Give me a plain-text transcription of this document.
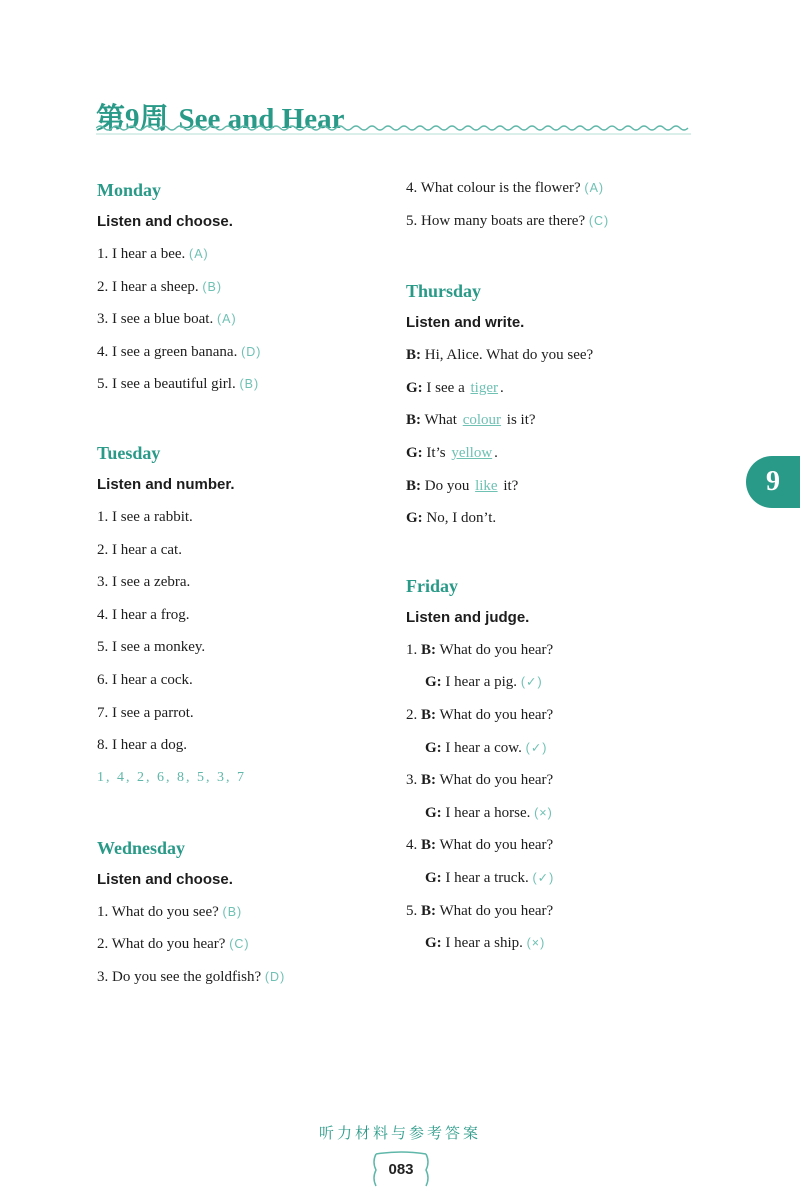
第9周 See and Hear
Monday
Listen and choose.
1. I hear a bee. (A)
2. I hear a sheep. (B)
3. I see a blue boat. (A)
4. I see a green banana. (D)
5. I see a beautiful girl. (B)
Tuesday
Listen and number.
1. I see a rabbit.
2. I hear a cat.
3. I see a zebra.
4. I hear a frog.
5. I see a monkey.
6. I hear a cock.
7. I see a parrot.
8. I hear a dog.
1, 4, 2, 6, 8, 5, 3, 7
Wednesday
Listen and choose.
1. What do you see? (B)
2. What do you hear? (C)
3. Do you see the goldfish? (D)
4. What colour is the flower? (A)
5. How many boats are there? (C)
Thursday
Listen and write.
B: Hi, Alice. What do you see?
G: I see a tiger .
B: What colour is it?
G: It’s yellow .
B: Do you like it?
G: No, I don’t.
Friday
Listen and judge.
1. B: What do you hear?
G: I hear a pig. (✓)
2. B: What do you hear?
G: I hear a cow. (✓)
3. B: What do you hear?
G: I hear a horse. (×)
4. B: What do you hear?
G: I hear a truck. (✓)
5. B: What do you hear?
G: I hear a ship. (×)
9
听力材料与参考答案
083
